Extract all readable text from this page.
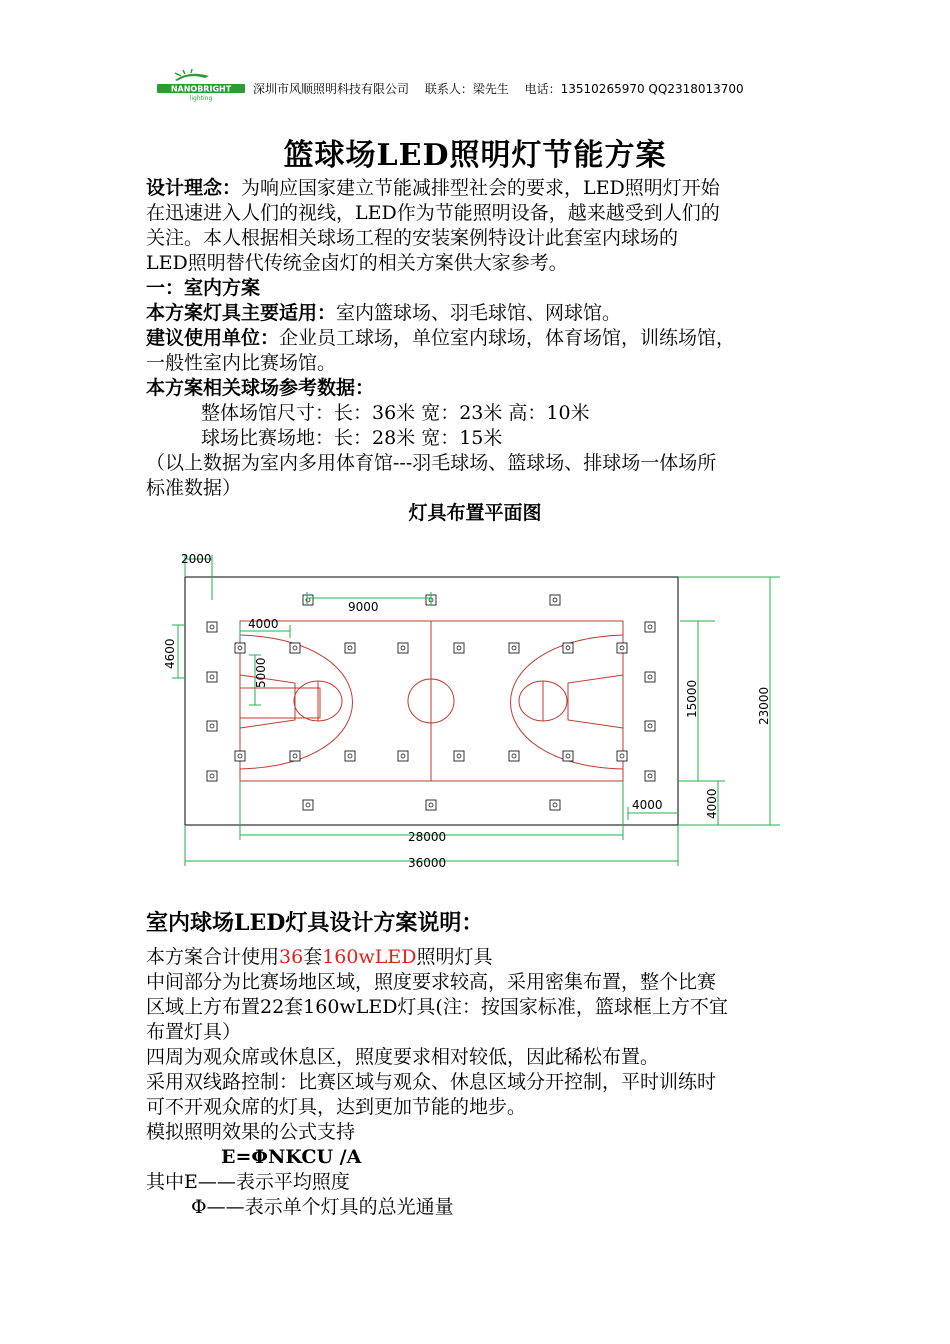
NANOBRIGHT
lighting
深圳市风顺照明科技有限公司　 联系人：梁先生　 电话：13510265970 QQ2318013700
篮球场LED照明灯节能方案
设计理念：为响应国家建立节能减排型社会的要求，LED照明灯开始
在迅速进入人们的视线，LED作为节能照明设备，越来越受到人们的
关注。本人根据相关球场工程的安装案例特设计此套室内球场的
LED照明替代传统金卤灯的相关方案供大家参考。
一：室内方案
本方案灯具主要适用：室内篮球场、羽毛球馆、网球馆。
建议使用单位：企业员工球场，单位室内球场，体育场馆，训练场馆，
一般性室内比赛场馆。
本方案相关球场参考数据：
整体场馆尺寸：长：36米 宽：23米 高：10米
球场比赛场地：长：28米 宽：15米
（以上数据为室内多用体育馆---羽毛球场、篮球场、排球场一体场所
标准数据）
灯具布置平面图
2000
9000
4000
4600
5000
15000	23000
4000	4000
28000
36000
室内球场LED灯具设计方案说明：
本方案合计使用36套160wLED照明灯具
中间部分为比赛场地区域，照度要求较高，采用密集布置，整个比赛
区域上方布置22套160wLED灯具(注：按国家标准，篮球框上方不宜
布置灯具）
四周为观众席或休息区，照度要求相对较低，因此稀松布置。
采用双线路控制：比赛区域与观众、休息区域分开控制，平时训练时
可不开观众席的灯具，达到更加节能的地步。
模拟照明效果的公式支持
E=ΦNKCU /A
其中E——表示平均照度
Φ——表示单个灯具的总光通量
